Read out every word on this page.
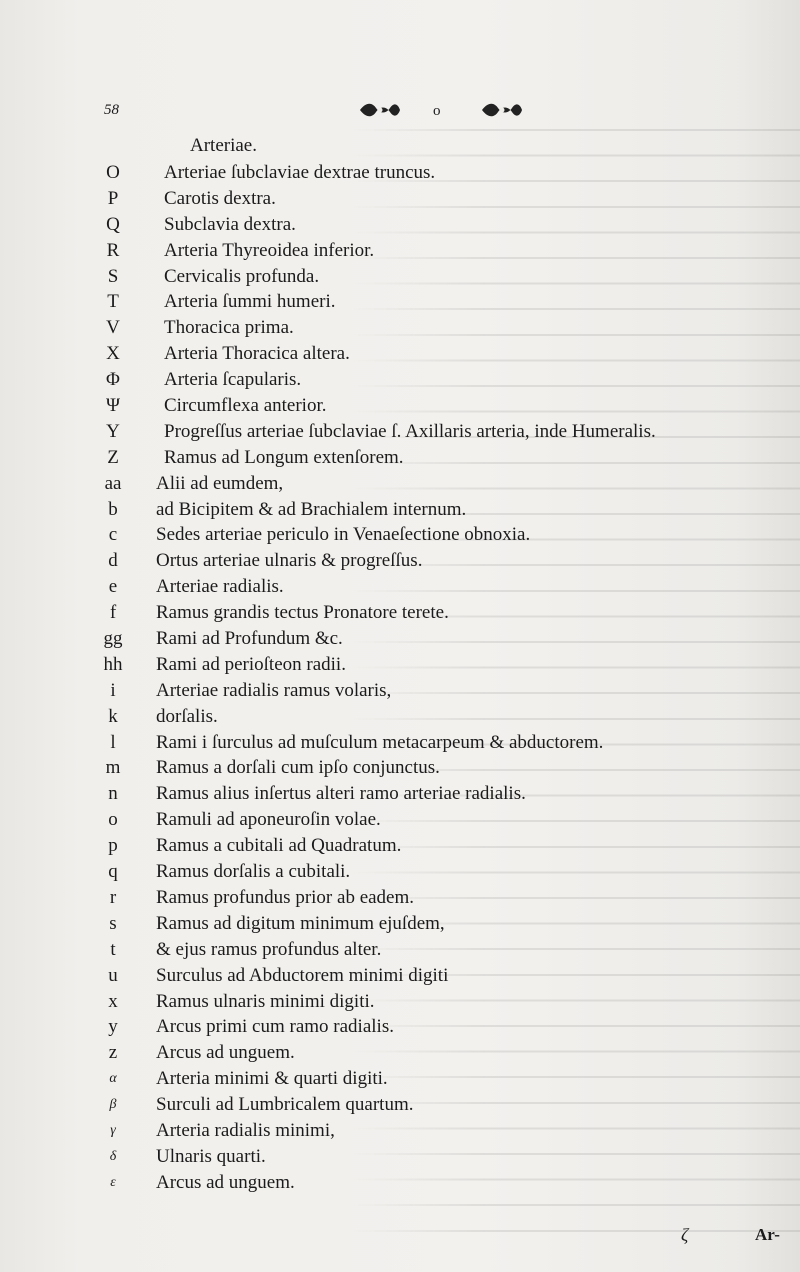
58	o
Arteriae.
O	Arteriae ſubclaviae dextrae truncus.
P	Carotis dextra.
Q	Subclavia dextra.
R	Arteria Thyreoidea inferior.
S	Cervicalis profunda.
T	Arteria ſummi humeri.
V	Thoracica prima.
X	Arteria Thoracica altera.
Φ	Arteria ſcapularis.
Ψ	Circumflexa anterior.
Y	Progreſſus arteriae ſubclaviae ſ. Axillaris arteria, inde Humeralis.
Z	Ramus ad Longum extenſorem.
aa Alii ad eumdem,
b	ad Bicipitem & ad Brachialem internum.
c	Sedes arteriae periculo in Venaeſectione obnoxia.
d	Ortus arteriae ulnaris & progreſſus.
e	Arteriae radialis.
f	Ramus grandis tectus Pronatore terete.
gg Rami ad Profundum &c.
hh Rami ad perioſteon radii.
i	Arteriae radialis ramus volaris,
k	dorſalis.
l	Rami i ſurculus ad muſculum metacarpeum & abductorem.
m Ramus a dorſali cum ipſo conjunctus.
n	Ramus alius inſertus alteri ramo arteriae radialis.
o	Ramuli ad aponeuroſin volae.
p	Ramus a cubitali ad Quadratum.
q	Ramus dorſalis a cubitali.
r	Ramus profundus prior ab eadem.
s	Ramus ad digitum minimum ejuſdem,
t	& ejus ramus profundus alter.
u	Surculus ad Abductorem minimi digiti
x	Ramus ulnaris minimi digiti.
y	Arcus primi cum ramo radialis.
z	Arcus ad unguem.
α	Arteria minimi & quarti digiti.
β	Surculi ad Lumbricalem quartum.
γ	Arteria radialis minimi,
δ	Ulnaris quarti.
ε	Arcus ad unguem.
ζ	Ar-
